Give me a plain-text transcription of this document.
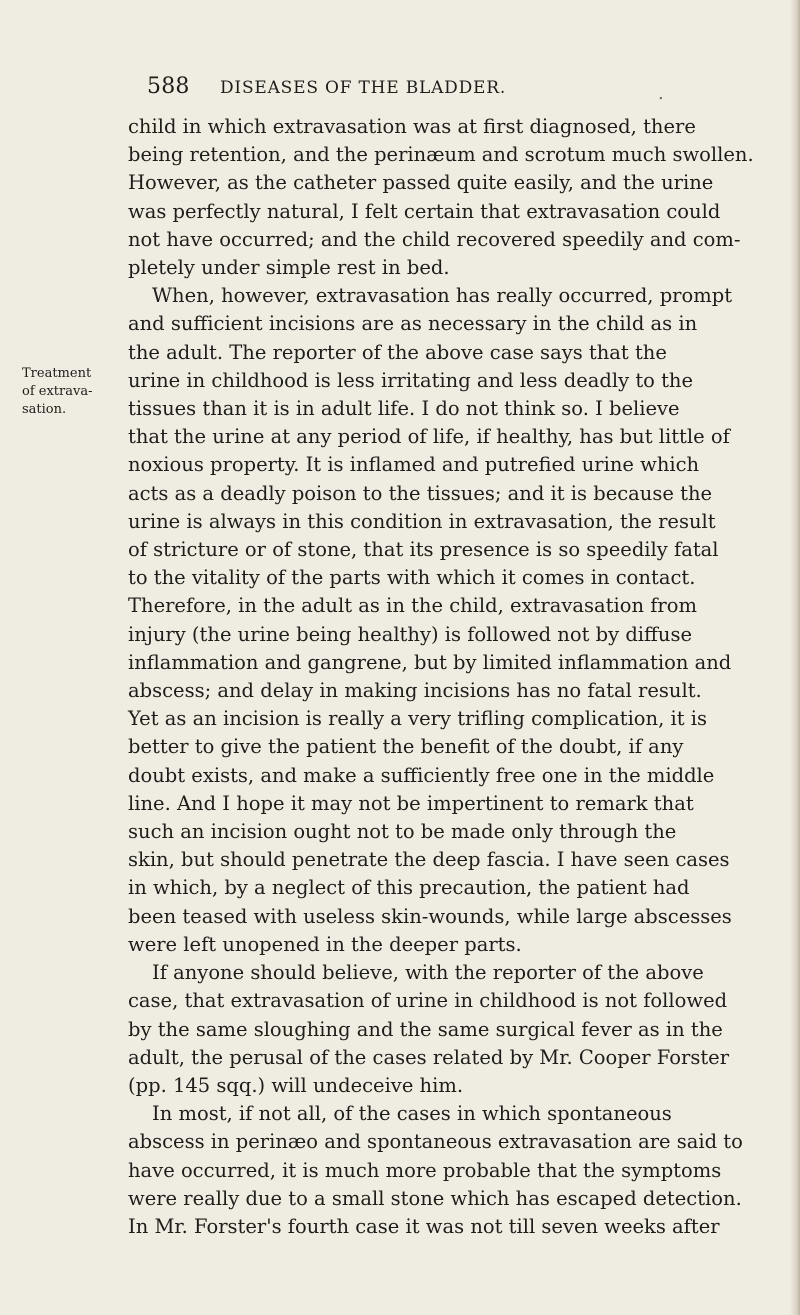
588 DISEASES OF THE BLADDER.	.
Treatment
of extrava-
sation.
child in which extravasation was at first diagnosed, there
being retention, and the perinæum and scrotum much swollen.
However, as the catheter passed quite easily, and the urine
was perfectly natural, I felt certain that extravasation could
not have occurred; and the child recovered speedily and com-
pletely under simple rest in bed.
When, however, extravasation has really occurred, prompt
and sufficient incisions are as necessary in the child as in
the adult. The reporter of the above case says that the
urine in childhood is less irritating and less deadly to the
tissues than it is in adult life. I do not think so. I believe
that the urine at any period of life, if healthy, has but little of
noxious property. It is inflamed and putrefied urine which
acts as a deadly poison to the tissues; and it is because the
urine is always in this condition in extravasation, the result
of stricture or of stone, that its presence is so speedily fatal
to the vitality of the parts with which it comes in contact.
Therefore, in the adult as in the child, extravasation from
injury (the urine being healthy) is followed not by diffuse
inflammation and gangrene, but by limited inflammation and
abscess; and delay in making incisions has no fatal result.
Yet as an incision is really a very trifling complication, it is
better to give the patient the benefit of the doubt, if any
doubt exists, and make a sufficiently free one in the middle
line. And I hope it may not be impertinent to remark that
such an incision ought not to be made only through the
skin, but should penetrate the deep fascia. I have seen cases
in which, by a neglect of this precaution, the patient had
been teased with useless skin-wounds, while large abscesses
were left unopened in the deeper parts.
If anyone should believe, with the reporter of the above
case, that extravasation of urine in childhood is not followed
by the same sloughing and the same surgical fever as in the
adult, the perusal of the cases related by Mr. Cooper Forster
(pp. 145 sqq.) will undeceive him.
In most, if not all, of the cases in which spontaneous
abscess in perinæo and spontaneous extravasation are said to
have occurred, it is much more probable that the symptoms
were really due to a small stone which has escaped detection.
In Mr. Forster's fourth case it was not till seven weeks after
